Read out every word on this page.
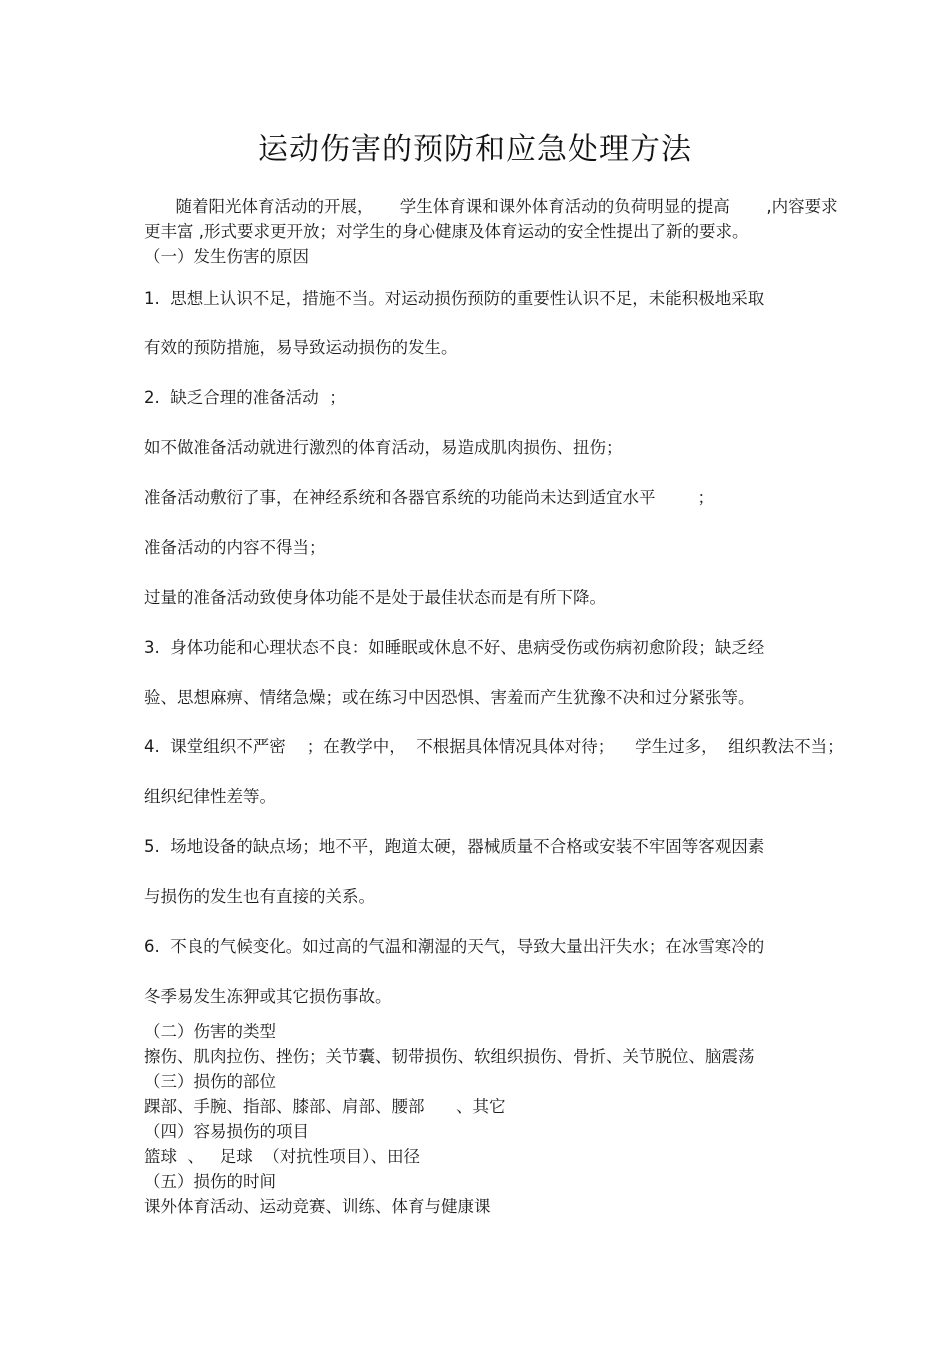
运动伤害的预防和应急处理方法
随着阳光体育活动的开展，     学生体育课和课外体育活动的负荷明显的提高       ,内容要求
更丰富 ,形式要求更开放；对学生的身心健康及体育运动的安全性提出了新的要求。
（一）发生伤害的原因
1.  思想上认识不足，措施不当。对运动损伤预防的重要性认识不足，未能积极地采取
有效的预防措施，易导致运动损伤的发生。
2.  缺乏合理的准备活动  ；
如不做准备活动就进行激烈的体育活动，易造成肌肉损伤、扭伤；
准备活动敷衍了事，在神经系统和各器官系统的功能尚未达到适宜水平        ；
准备活动的内容不得当；
过量的准备活动致使身体功能不是处于最佳状态而是有所下降。
3.  身体功能和心理状态不良：如睡眠或休息不好、患病受伤或伤病初愈阶段；缺乏经
验、思想麻痹、情绪急燥；或在练习中因恐惧、害羞而产生犹豫不决和过分紧张等。
4.  课堂组织不严密    ；在教学中，  不根据具体情况具体对待；    学生过多，  组织教法不当；
组织纪律性差等。
5.  场地设备的缺点场；地不平，跑道太硬，器械质量不合格或安装不牢固等客观因素
与损伤的发生也有直接的关系。
6.  不良的气候变化。如过高的气温和潮湿的天气，导致大量出汗失水；在冰雪寒冷的
冬季易发生冻狎或其它损伤事故。
（二）伤害的类型
擦伤、肌肉拉伤、挫伤；关节囊、韧带损伤、软组织损伤、骨折、关节脱位、脑震荡
（三）损伤的部位
踝部、手腕、指部、膝部、肩部、腰部      、其它
（四）容易损伤的项目
篮球  、   足球  （对抗性项目）、田径
（五）损伤的时间
课外体育活动、运动竞赛、训练、体育与健康课
